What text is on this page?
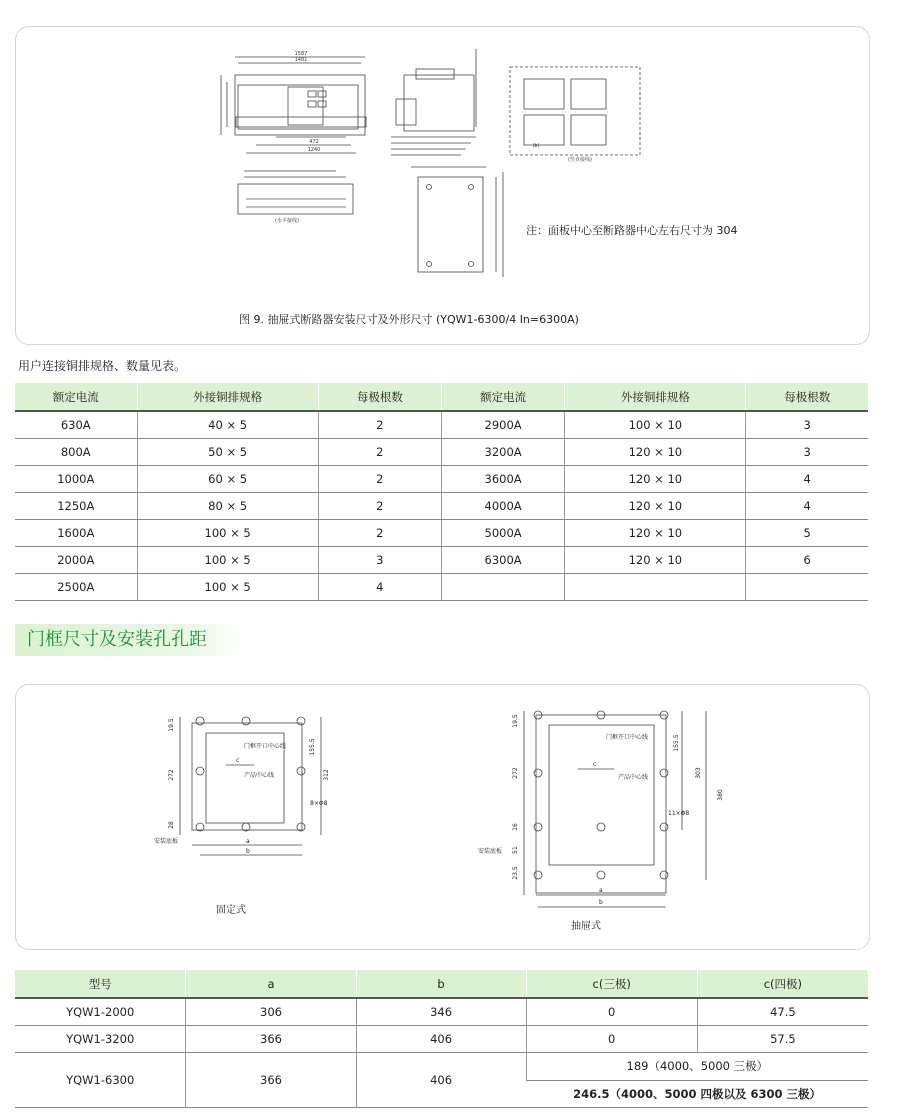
1587
1481
472
1240
(b)
(竖直接线)
(水平接线)
注：面板中心至断路器中心左右尺寸为 304
图 9. 抽屉式断路器安装尺寸及外形尺寸 (YQW1-6300/4 In=6300A)
用户连接铜排规格、数量见表。
额定电流	外接铜排规格	每极根数	额定电流	外接铜排规格	每极根数
630A	40 × 5	2	2900A	100 × 10	3
800A	50 × 5	2	3200A	120 × 10	3
1000A	60 × 5	2	3600A	120 × 10	4
1250A	80 × 5	2	4000A	120 × 10	4
1600A	100 × 5	2	5000A	120 × 10	5
2000A	100 × 5	3	6300A	120 × 10	6
2500A	100 × 5	4			
门框尺寸及安装孔孔距
门框开口中心线
产品中心线
安装底板
8×Φ8
c
a
b
门框开口中心线
产品中心线
安装底板
11×Φ8
c
a
b
19.5
272
28
155.5
312
19.5
272
16
51
23.5
155.5
303
380
固定式
抽屉式
型号	a	b	c(三极)	c(四极)
YQW1-2000	306	346	0	47.5
YQW1-3200	366	406	0	57.5
YQW1-6300	366	406	189（4000、5000 三极）	
			246.5（4000、5000 四极以及 6300 三极）	
